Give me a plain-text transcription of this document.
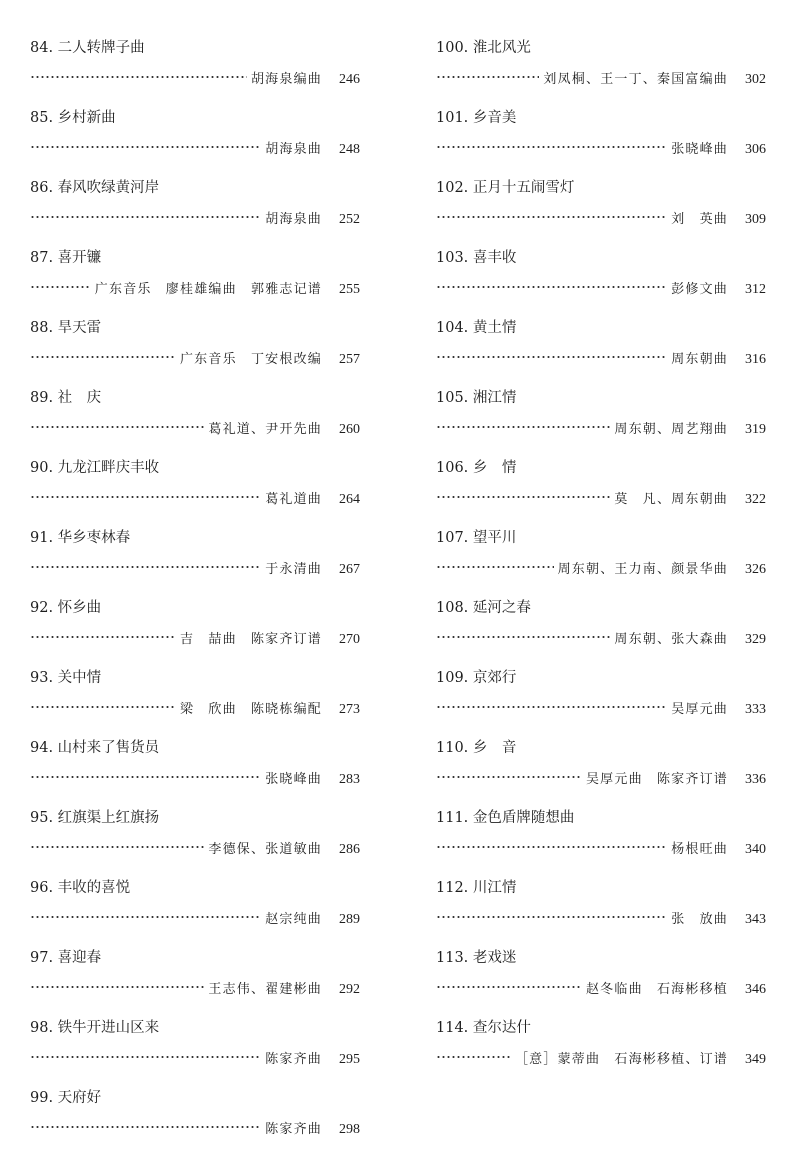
84. 二人转牌子曲
胡海泉编曲	246
85. 乡村新曲
胡海泉曲	248
86. 春风吹绿黄河岸
胡海泉曲	252
87. 喜开镰
广东音乐　廖桂雄编曲　郭雅志记谱	255
88. 旱天雷
广东音乐　丁安根改编	257
89. 社　庆
葛礼道、尹开先曲	260
90. 九龙江畔庆丰收
葛礼道曲	264
91. 华乡枣林春
于永清曲	267
92. 怀乡曲
吉　喆曲　陈家齐订谱	270
93. 关中情
梁　欣曲　陈晓栋编配	273
94. 山村来了售货员
张晓峰曲	283
95. 红旗渠上红旗扬
李德保、张道敏曲	286
96. 丰收的喜悦
赵宗纯曲	289
97. 喜迎春
王志伟、翟建彬曲	292
98. 铁牛开进山区来
陈家齐曲	295
99. 天府好
陈家齐曲	298
100. 淮北风光
刘凤桐、王一丁、秦国富编曲	302
101. 乡音美
张晓峰曲	306
102. 正月十五闹雪灯
刘　英曲	309
103. 喜丰收
彭修文曲	312
104. 黄土情
周东朝曲	316
105. 湘江情
周东朝、周艺翔曲	319
106. 乡　情
莫　凡、周东朝曲	322
107. 望平川
周东朝、王力南、颜景华曲	326
108. 延河之春
周东朝、张大森曲	329
109. 京郊行
吴厚元曲	333
110. 乡　音
吴厚元曲　陈家齐订谱	336
111. 金色盾牌随想曲
杨根旺曲	340
112. 川江情
张　放曲	343
113. 老戏迷
赵冬临曲　石海彬移植	346
114. 查尔达什
［意］蒙蒂曲　石海彬移植、订谱	349
